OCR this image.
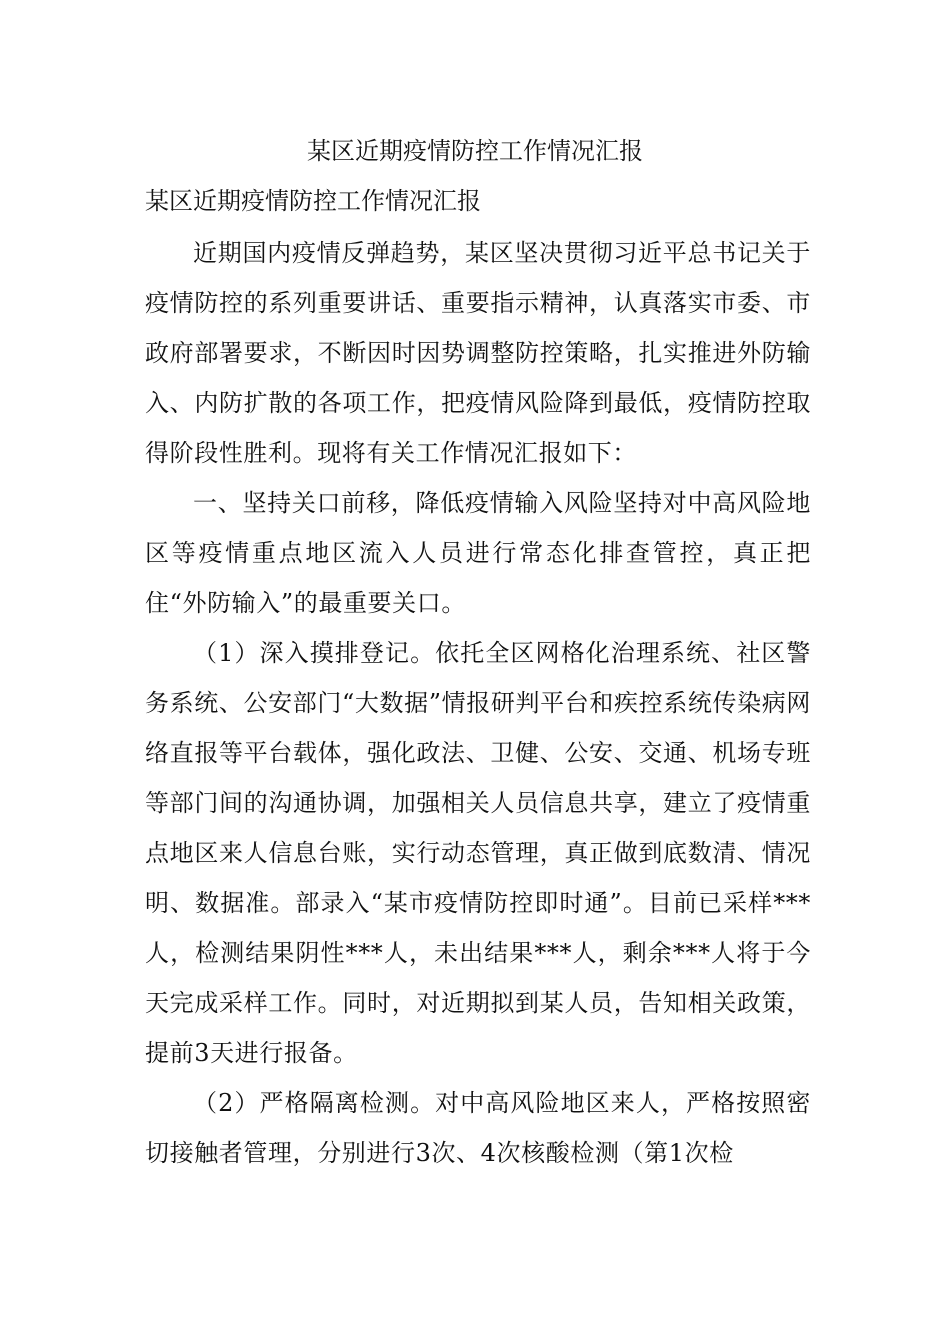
某区近期疫情防控工作情况汇报

某区近期疫情防控工作情况汇报

近期国内疫情反弹趋势，某区坚决贯彻习近平总书记关于疫情防控的系列重要讲话、重要指示精神，认真落实市委、市政府部署要求，不断因时因势调整防控策略，扎实推进外防输入、内防扩散的各项工作，把疫情风险降到最低，疫情防控取得阶段性胜利。现将有关工作情况汇报如下：

一、坚持关口前移，降低疫情输入风险坚持对中高风险地区等疫情重点地区流入人员进行常态化排查管控，真正把住“外防输入”的最重要关口。

（1）深入摸排登记。依托全区网格化治理系统、社区警务系统、公安部门“大数据”情报研判平台和疾控系统传染病网络直报等平台载体，强化政法、卫健、公安、交通、机场专班等部门间的沟通协调，加强相关人员信息共享，建立了疫情重点地区来人信息台账，实行动态管理，真正做到底数清、情况明、数据准。部录入“某市疫情防控即时通”。目前已采样***人，检测结果阴性***人，未出结果***人，剩余***人将于今天完成采样工作。同时，对近期拟到某人员，告知相关政策，提前3天进行报备。

（2）严格隔离检测。对中高风险地区来人，严格按照密切接触者管理，分别进行3次、4次核酸检测（第1次检
